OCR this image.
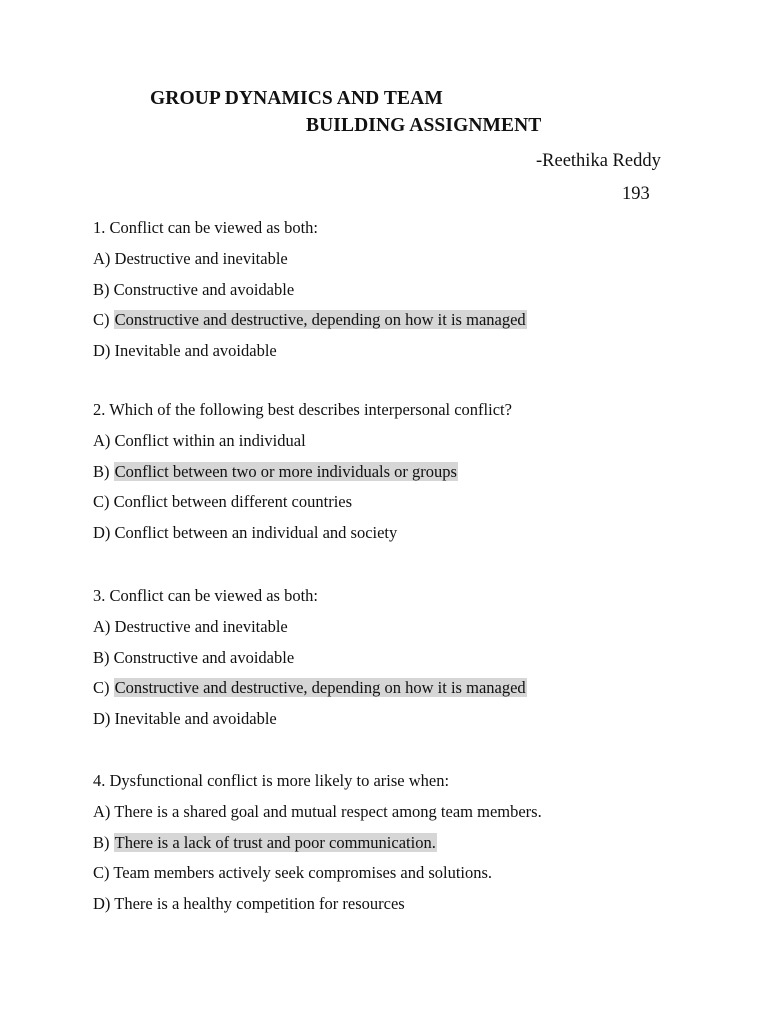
GROUP DYNAMICS AND TEAM
BUILDING ASSIGNMENT
-Reethika Reddy
193
1. Conflict can be viewed as both:
A) Destructive and inevitable
B) Constructive and avoidable
C) Constructive and destructive, depending on how it is managed
D) Inevitable and avoidable
2. Which of the following best describes interpersonal conflict?
A) Conflict within an individual
B) Conflict between two or more individuals or groups
C) Conflict between different countries
D) Conflict between an individual and society
3. Conflict can be viewed as both:
A) Destructive and inevitable
B) Constructive and avoidable
C) Constructive and destructive, depending on how it is managed
D) Inevitable and avoidable
4. Dysfunctional conflict is more likely to arise when:
A) There is a shared goal and mutual respect among team members.
B) There is a lack of trust and poor communication.
C) Team members actively seek compromises and solutions.
D) There is a healthy competition for resources
